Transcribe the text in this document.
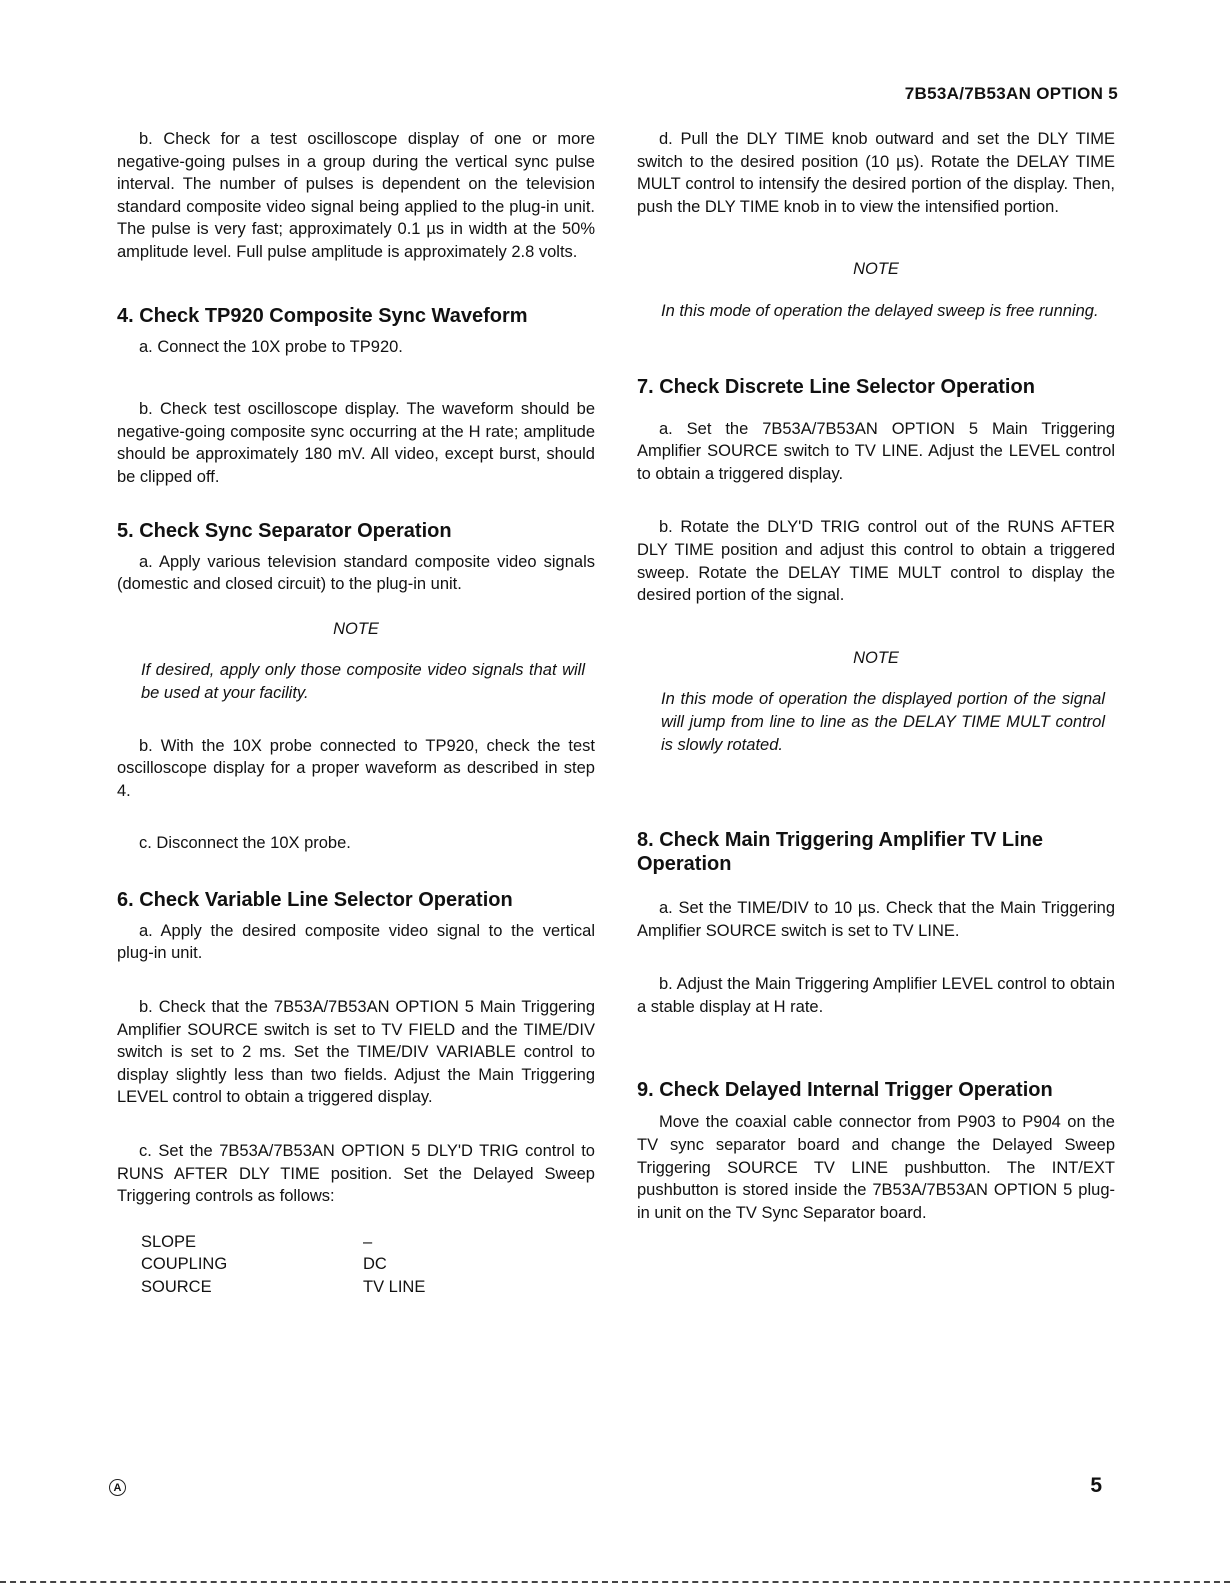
7B53A/7B53AN OPTION 5

b. Check for a test oscilloscope display of one or more negative-going pulses in a group during the vertical sync pulse interval. The number of pulses is dependent on the television standard composite video signal being applied to the plug-in unit. The pulse is very fast; approximately 0.1 µs in width at the 50% amplitude level. Full pulse amplitude is approximately 2.8 volts.

4. Check TP920 Composite Sync Waveform

a. Connect the 10X probe to TP920.

b. Check test oscilloscope display. The waveform should be negative-going composite sync occurring at the H rate; amplitude should be approximately 180 mV. All video, except burst, should be clipped off.

5. Check Sync Separator Operation

a. Apply various television standard composite video signals (domestic and closed circuit) to the plug-in unit.

NOTE

If desired, apply only those composite video signals that will be used at your facility.

b. With the 10X probe connected to TP920, check the test oscilloscope display for a proper waveform as described in step 4.

c. Disconnect the 10X probe.

6. Check Variable Line Selector Operation

a. Apply the desired composite video signal to the vertical plug-in unit.

b. Check that the 7B53A/7B53AN OPTION 5 Main Triggering Amplifier SOURCE switch is set to TV FIELD and the TIME/DIV switch is set to 2 ms. Set the TIME/DIV VARIABLE control to display slightly less than two fields. Adjust the Main Triggering LEVEL control to obtain a triggered display.

c. Set the 7B53A/7B53AN OPTION 5 DLY'D TRIG control to RUNS AFTER DLY TIME position. Set the Delayed Sweep Triggering controls as follows:

SLOPE	–
COUPLING	DC
SOURCE	TV LINE

d. Pull the DLY TIME knob outward and set the DLY TIME switch to the desired position (10 µs). Rotate the DELAY TIME MULT control to intensify the desired portion of the display. Then, push the DLY TIME knob in to view the intensified portion.

NOTE

In this mode of operation the delayed sweep is free running.

7. Check Discrete Line Selector Operation

a. Set the 7B53A/7B53AN OPTION 5 Main Triggering Amplifier SOURCE switch to TV LINE. Adjust the LEVEL control to obtain a triggered display.

b. Rotate the DLY'D TRIG control out of the RUNS AFTER DLY TIME position and adjust this control to obtain a triggered sweep. Rotate the DELAY TIME MULT control to display the desired portion of the signal.

NOTE

In this mode of operation the displayed portion of the signal will jump from line to line as the DELAY TIME MULT control is slowly rotated.

8. Check Main Triggering Amplifier TV Line Operation

a. Set the TIME/DIV to 10 µs. Check that the Main Triggering Amplifier SOURCE switch is set to TV LINE.

b. Adjust the Main Triggering Amplifier LEVEL control to obtain a stable display at H rate.

9. Check Delayed Internal Trigger Operation

Move the coaxial cable connector from P903 to P904 on the TV sync separator board and change the Delayed Sweep Triggering SOURCE TV LINE pushbutton. The INT/EXT pushbutton is stored inside the 7B53A/7B53AN OPTION 5 plug-in unit on the TV Sync Separator board.

A	5
